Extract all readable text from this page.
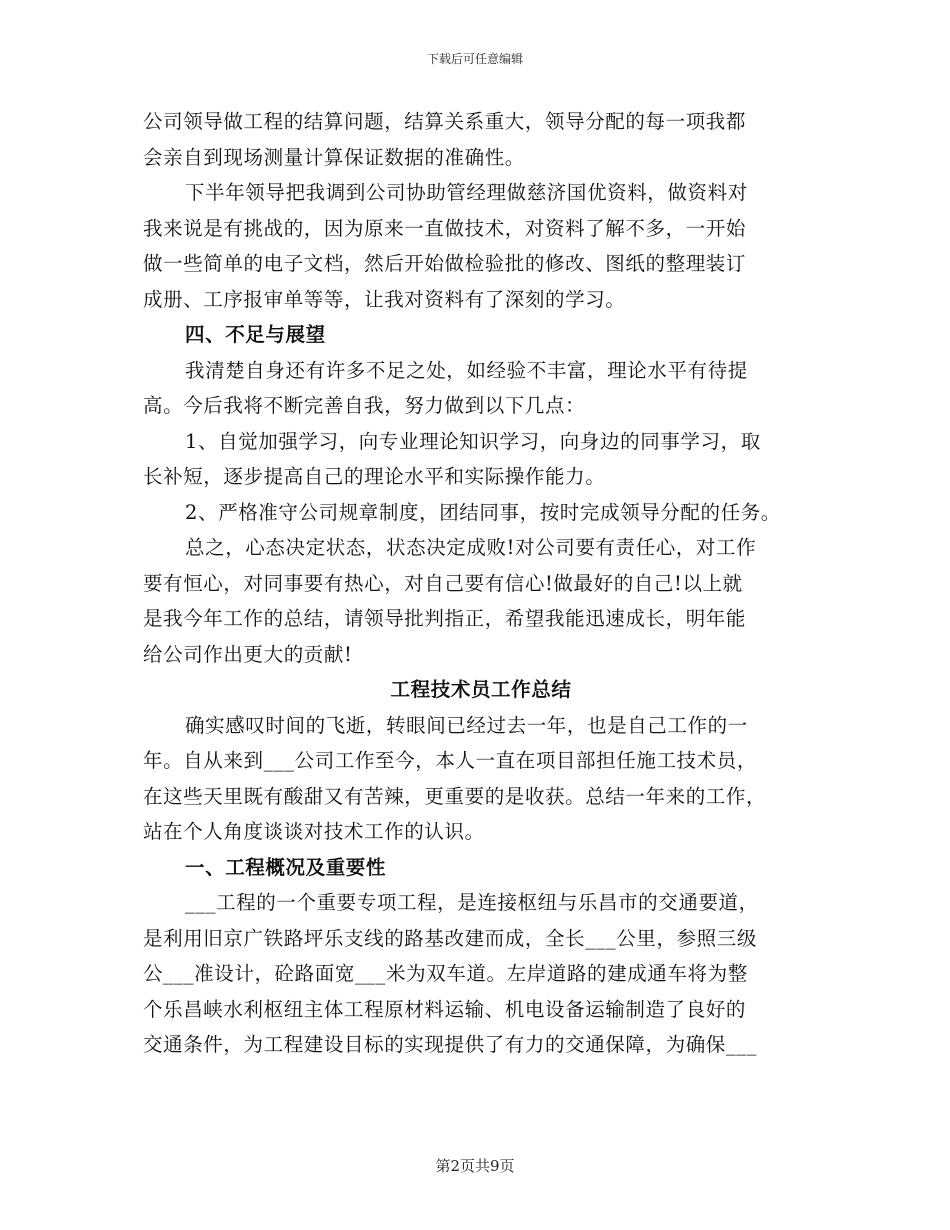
下载后可任意编辑
公司领导做工程的结算问题，结算关系重大，领导分配的每一项我都
会亲自到现场测量计算保证数据的准确性。
下半年领导把我调到公司协助管经理做慈济国优资料，做资料对
我来说是有挑战的，因为原来一直做技术，对资料了解不多，一开始
做一些简单的电子文档，然后开始做检验批的修改、图纸的整理装订
成册、工序报审单等等，让我对资料有了深刻的学习。
四、不足与展望
我清楚自身还有许多不足之处，如经验不丰富，理论水平有待提
高。今后我将不断完善自我，努力做到以下几点：
1、自觉加强学习，向专业理论知识学习，向身边的同事学习，取
长补短，逐步提高自己的理论水平和实际操作能力。
2、严格准守公司规章制度，团结同事，按时完成领导分配的任务。
总之，心态决定状态，状态决定成败!对公司要有责任心，对工作
要有恒心，对同事要有热心，对自己要有信心!做最好的自己!以上就
是我今年工作的总结，请领导批判指正，希望我能迅速成长，明年能
给公司作出更大的贡献!
工程技术员工作总结
确实感叹时间的飞逝，转眼间已经过去一年，也是自己工作的一
年。自从来到___公司工作至今，本人一直在项目部担任施工技术员，
在这些天里既有酸甜又有苦辣，更重要的是收获。总结一年来的工作，
站在个人角度谈谈对技术工作的认识。
一、工程概况及重要性
___工程的一个重要专项工程，是连接枢纽与乐昌市的交通要道，
是利用旧京广铁路坪乐支线的路基改建而成，全长___公里，参照三级
公___准设计，砼路面宽___米为双车道。左岸道路的建成通车将为整
个乐昌峡水利枢纽主体工程原材料运输、机电设备运输制造了良好的
交通条件，为工程建设目标的实现提供了有力的交通保障，为确保___
第2页共9页
